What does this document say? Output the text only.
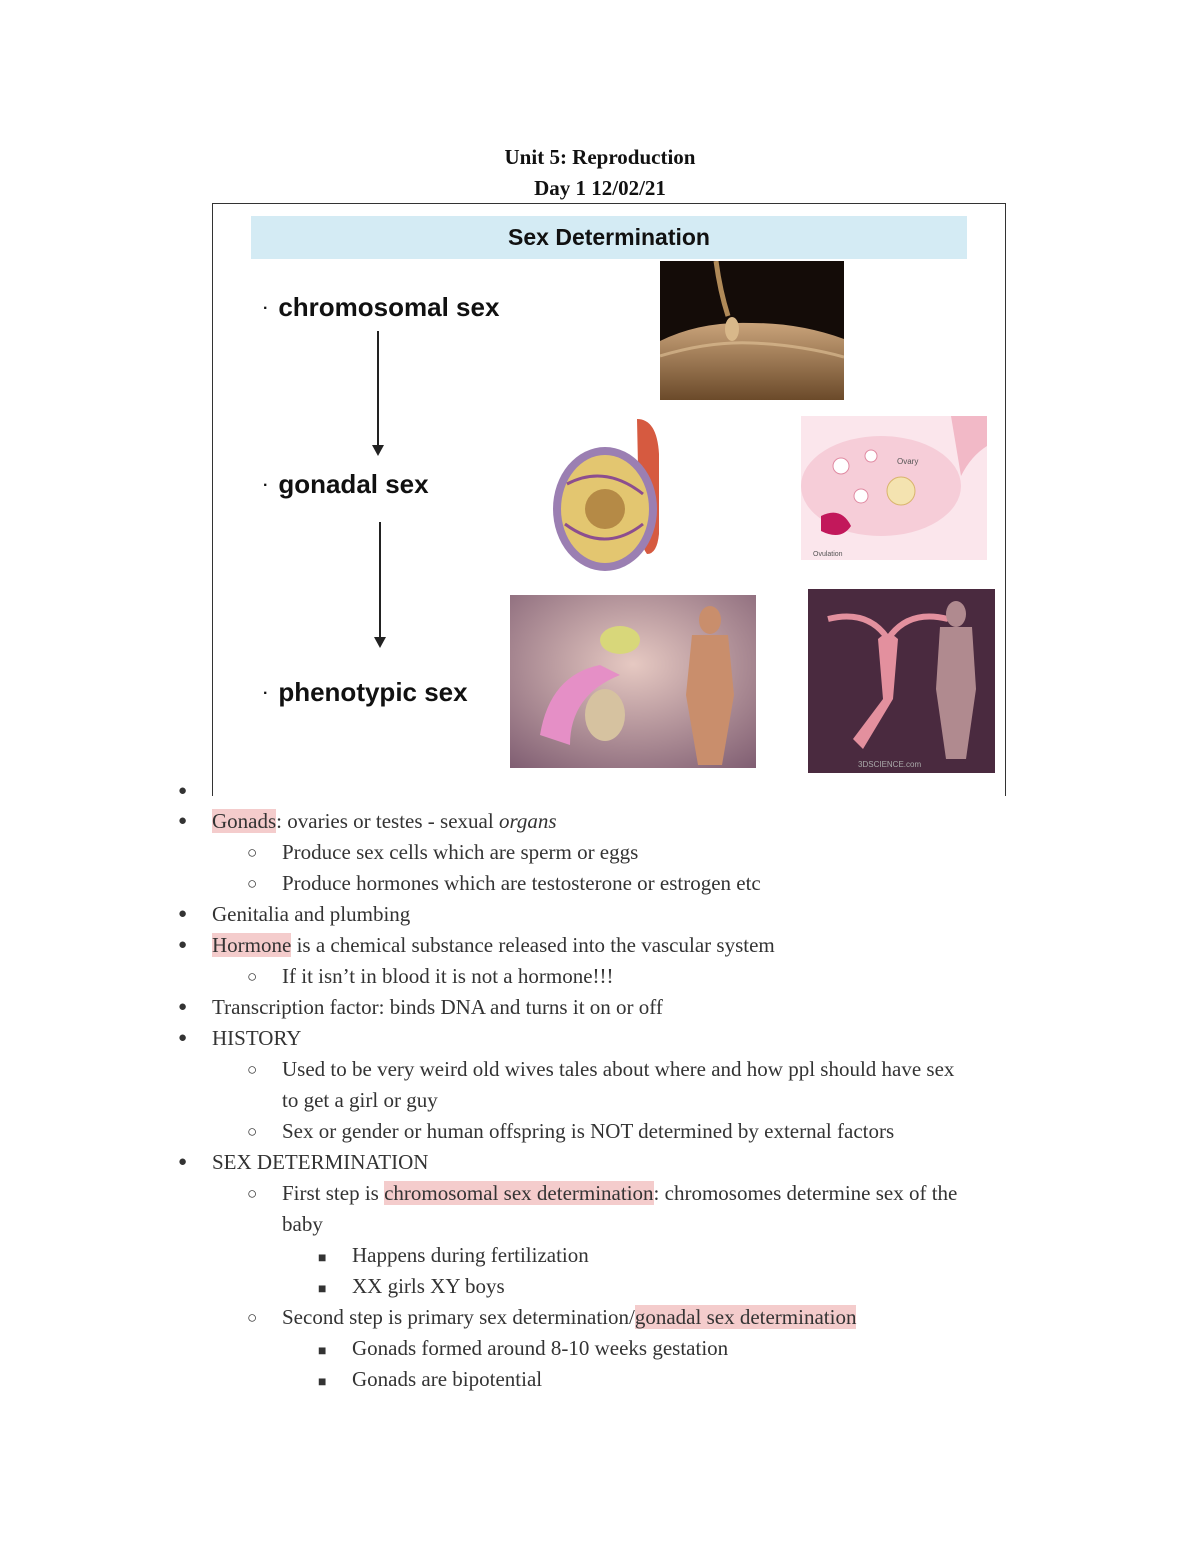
Unit 5: Reproduction
Day 1 12/02/21
Sex Determination
· chromosomal sex
· gonadal sex
· phenotypic sex
Ovary
Ovulation
3DSCIENCE.com
●
● Gonads: ovaries or testes - sexual organs
○ Produce sex cells which are sperm or eggs
○ Produce hormones which are testosterone or estrogen etc
● Genitalia and plumbing
● Hormone is a chemical substance released into the vascular system
○ If it isn’t in blood it is not a hormone!!!
● Transcription factor: binds DNA and turns it on or off
● HISTORY
○ Used to be very weird old wives tales about where and how ppl should have sex
to get a girl or guy
○ Sex or gender or human offspring is NOT determined by external factors
● SEX DETERMINATION
○ First step is chromosomal sex determination: chromosomes determine sex of the
baby
■ Happens during fertilization
■ XX girls XY boys
○ Second step is primary sex determination/gonadal sex determination
■ Gonads formed around 8-10 weeks gestation
■ Gonads are bipotential
